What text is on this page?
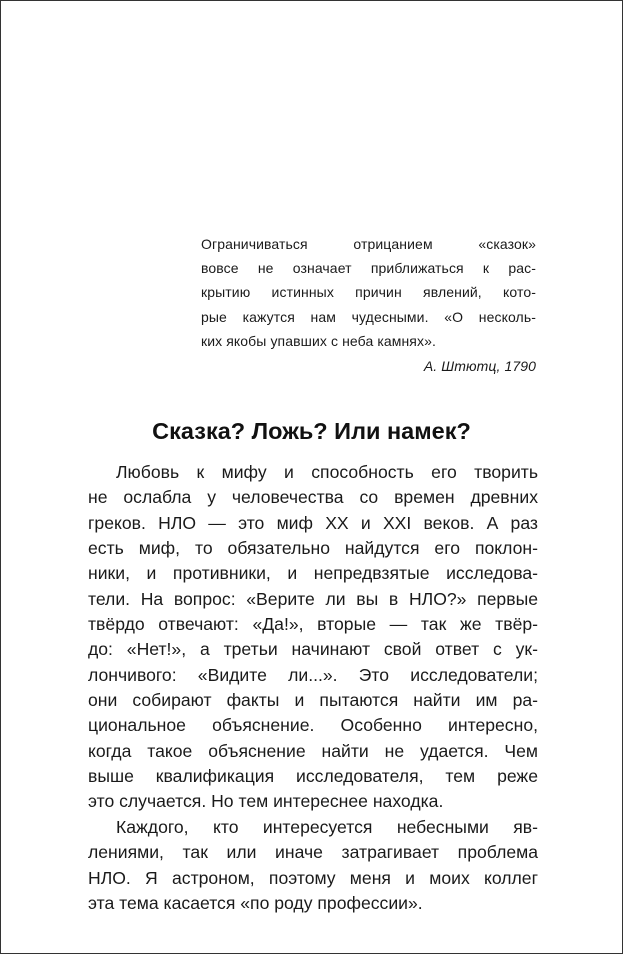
Ограничиваться отрицанием «сказок»
вовсе не означает приближаться к рас-
крытию истинных причин явлений, кото-
рые кажутся нам чудесными. «О несколь-
ких якобы упавших с неба камнях».
А. Штютц, 1790
Сказка? Ложь? Или намек?
Любовь к мифу и способность его творить
не ослабла у человечества со времен древних
греков. НЛО — это миф XX и XXI веков. А раз
есть миф, то обязательно найдутся его поклон-
ники, и противники, и непредвзятые исследова-
тели. На вопрос: «Верите ли вы в НЛО?» первые
твёрдо отвечают: «Да!», вторые — так же твёр-
до: «Нет!», а третьи начинают свой ответ с ук-
лончивого: «Видите ли...». Это исследователи;
они собирают факты и пытаются найти им ра-
циональное объяснение. Особенно интересно,
когда такое объяснение найти не удается. Чем
выше квалификация исследователя, тем реже
это случается. Но тем интереснее находка.
Каждого, кто интересуется небесными яв-
лениями, так или иначе затрагивает проблема
НЛО. Я астроном, поэтому меня и моих коллег
эта тема касается «по роду профессии».
